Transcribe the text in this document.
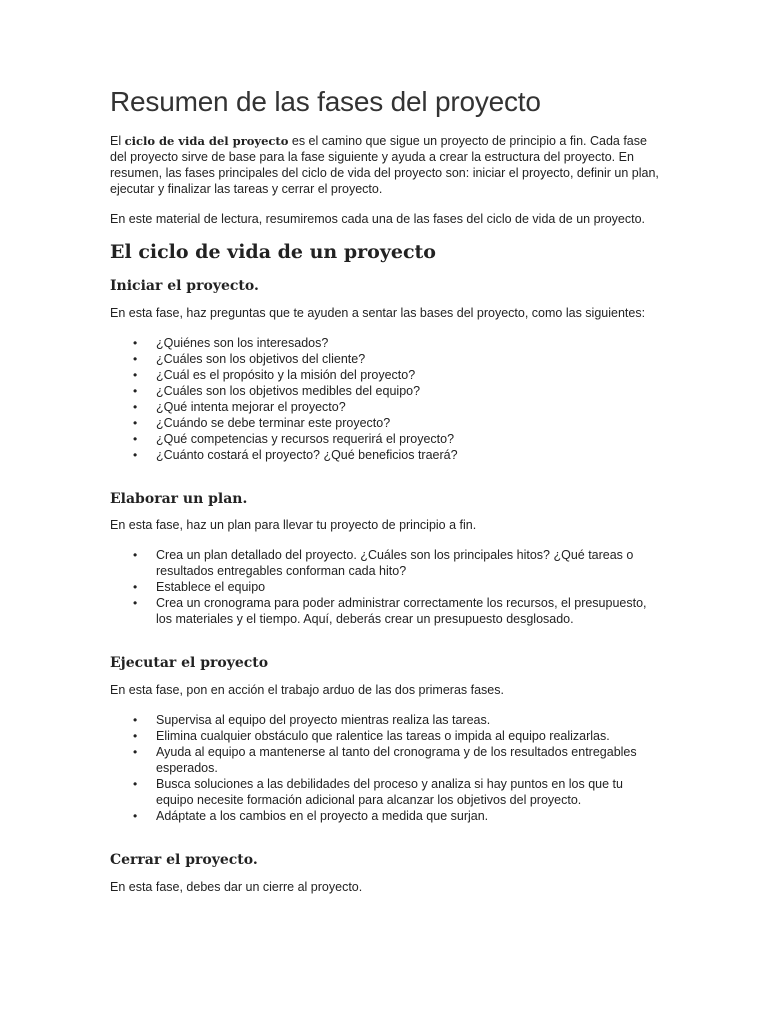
Resumen de las fases del proyecto

El ciclo de vida del proyecto es el camino que sigue un proyecto de principio a fin. Cada fase del proyecto sirve de base para la fase siguiente y ayuda a crear la estructura del proyecto. En resumen, las fases principales del ciclo de vida del proyecto son: iniciar el proyecto, definir un plan, ejecutar y finalizar las tareas y cerrar el proyecto.

En este material de lectura, resumiremos cada una de las fases del ciclo de vida de un proyecto.

El ciclo de vida de un proyecto
Iniciar el proyecto.

En esta fase, haz preguntas que te ayuden a sentar las bases del proyecto, como las siguientes:

• ¿Quiénes son los interesados?
• ¿Cuáles son los objetivos del cliente?
• ¿Cuál es el propósito y la misión del proyecto?
• ¿Cuáles son los objetivos medibles del equipo?
• ¿Qué intenta mejorar el proyecto?
• ¿Cuándo se debe terminar este proyecto?
• ¿Qué competencias y recursos requerirá el proyecto?
• ¿Cuánto costará el proyecto? ¿Qué beneficios traerá?
Elaborar un plan.

En esta fase, haz un plan para llevar tu proyecto de principio a fin.

• Crea un plan detallado del proyecto. ¿Cuáles son los principales hitos? ¿Qué tareas o resultados entregables conforman cada hito?
• Establece el equipo
• Crea un cronograma para poder administrar correctamente los recursos, el presupuesto, los materiales y el tiempo. Aquí, deberás crear un presupuesto desglosado.
Ejecutar el proyecto

En esta fase, pon en acción el trabajo arduo de las dos primeras fases.

• Supervisa al equipo del proyecto mientras realiza las tareas.
• Elimina cualquier obstáculo que ralentice las tareas o impida al equipo realizarlas.
• Ayuda al equipo a mantenerse al tanto del cronograma y de los resultados entregables esperados.
• Busca soluciones a las debilidades del proceso y analiza si hay puntos en los que tu equipo necesite formación adicional para alcanzar los objetivos del proyecto.
• Adáptate a los cambios en el proyecto a medida que surjan.
Cerrar el proyecto.

En esta fase, debes dar un cierre al proyecto.
